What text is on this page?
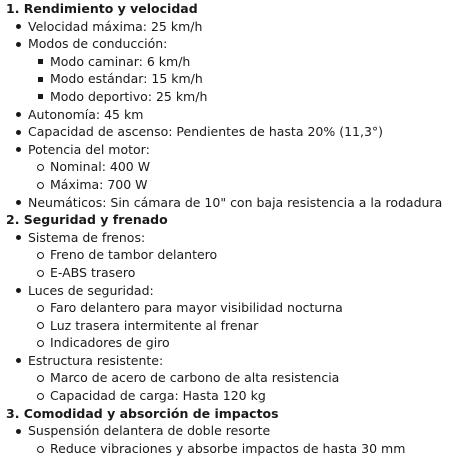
1. Rendimiento y velocidad
Velocidad máxima: 25 km/h
Modos de conducción:
Modo caminar: 6 km/h
Modo estándar: 15 km/h
Modo deportivo: 25 km/h
Autonomía: 45 km
Capacidad de ascenso: Pendientes de hasta 20% (11,3°)
Potencia del motor:
Nominal: 400 W
Máxima: 700 W
Neumáticos: Sin cámara de 10" con baja resistencia a la rodadura
2. Seguridad y frenado
Sistema de frenos:
Freno de tambor delantero
E-ABS trasero
Luces de seguridad:
Faro delantero para mayor visibilidad nocturna
Luz trasera intermitente al frenar
Indicadores de giro
Estructura resistente:
Marco de acero de carbono de alta resistencia
Capacidad de carga: Hasta 120 kg
3. Comodidad y absorción de impactos
Suspensión delantera de doble resorte
Reduce vibraciones y absorbe impactos de hasta 30 mm
